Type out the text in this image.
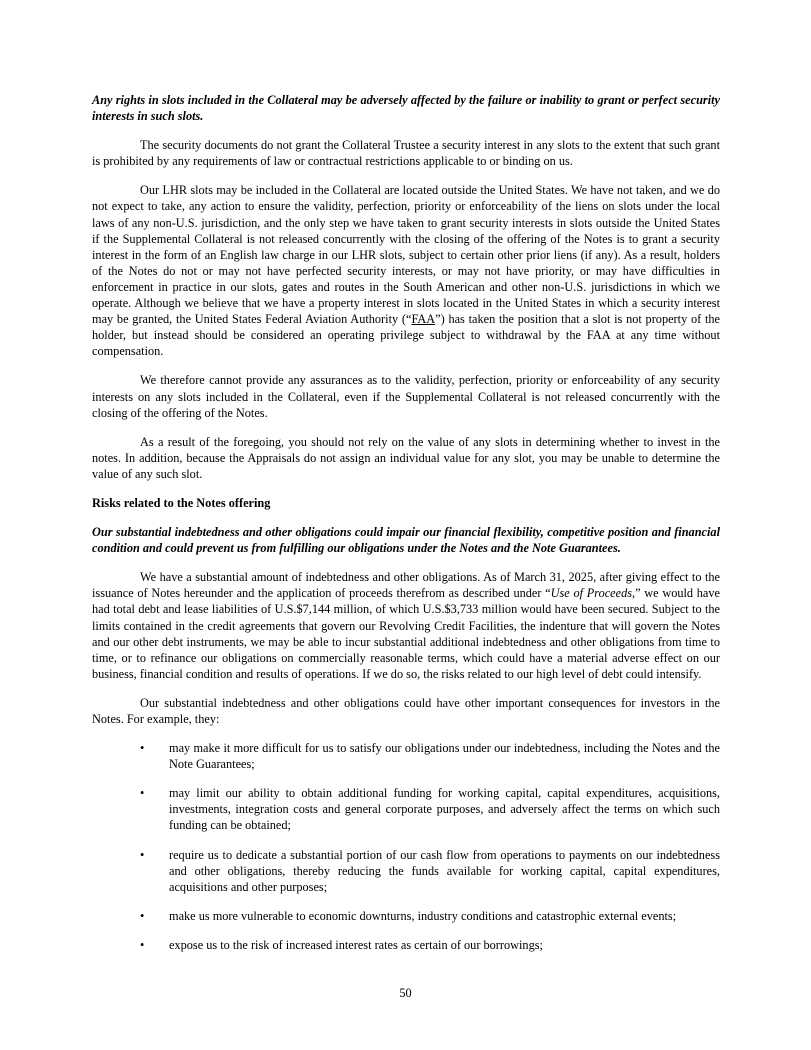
Any rights in slots included in the Collateral may be adversely affected by the failure or inability to grant or perfect security interests in such slots.

The security documents do not grant the Collateral Trustee a security interest in any slots to the extent that such grant is prohibited by any requirements of law or contractual restrictions applicable to or binding on us.

Our LHR slots may be included in the Collateral are located outside the United States. We have not taken, and we do not expect to take, any action to ensure the validity, perfection, priority or enforceability of the liens on slots under the local laws of any non-U.S. jurisdiction, and the only step we have taken to grant security interests in slots outside the United States if the Supplemental Collateral is not released concurrently with the closing of the offering of the Notes is to grant a security interest in the form of an English law charge in our LHR slots, subject to certain other prior liens (if any). As a result, holders of the Notes do not or may not have perfected security interests, or may not have priority, or may have difficulties in enforcement in practice in our slots, gates and routes in the South American and other non-U.S. jurisdictions in which we operate. Although we believe that we have a property interest in slots located in the United States in which a security interest may be granted, the United States Federal Aviation Authority (“FAA”) has taken the position that a slot is not property of the holder, but instead should be considered an operating privilege subject to withdrawal by the FAA at any time without compensation.

We therefore cannot provide any assurances as to the validity, perfection, priority or enforceability of any security interests on any slots included in the Collateral, even if the Supplemental Collateral is not released concurrently with the closing of the offering of the Notes.

As a result of the foregoing, you should not rely on the value of any slots in determining whether to invest in the notes. In addition, because the Appraisals do not assign an individual value for any slot, you may be unable to determine the value of any such slot.

Risks related to the Notes offering

Our substantial indebtedness and other obligations could impair our financial flexibility, competitive position and financial condition and could prevent us from fulfilling our obligations under the Notes and the Note Guarantees.

We have a substantial amount of indebtedness and other obligations. As of March 31, 2025, after giving effect to the issuance of Notes hereunder and the application of proceeds therefrom as described under “Use of Proceeds,” we would have had total debt and lease liabilities of U.S.$7,144 million, of which U.S.$3,733 million would have been secured. Subject to the limits contained in the credit agreements that govern our Revolving Credit Facilities, the indenture that will govern the Notes and our other debt instruments, we may be able to incur substantial additional indebtedness and other obligations from time to time, or to refinance our obligations on commercially reasonable terms, which could have a material adverse effect on our business, financial condition and results of operations. If we do so, the risks related to our high level of debt could intensify.

Our substantial indebtedness and other obligations could have other important consequences for investors in the Notes. For example, they:

• may make it more difficult for us to satisfy our obligations under our indebtedness, including the Notes and the Note Guarantees;
• may limit our ability to obtain additional funding for working capital, capital expenditures, acquisitions, investments, integration costs and general corporate purposes, and adversely affect the terms on which such funding can be obtained;
• require us to dedicate a substantial portion of our cash flow from operations to payments on our indebtedness and other obligations, thereby reducing the funds available for working capital, capital expenditures, acquisitions and other purposes;
• make us more vulnerable to economic downturns, industry conditions and catastrophic external events;
• expose us to the risk of increased interest rates as certain of our borrowings;
50
